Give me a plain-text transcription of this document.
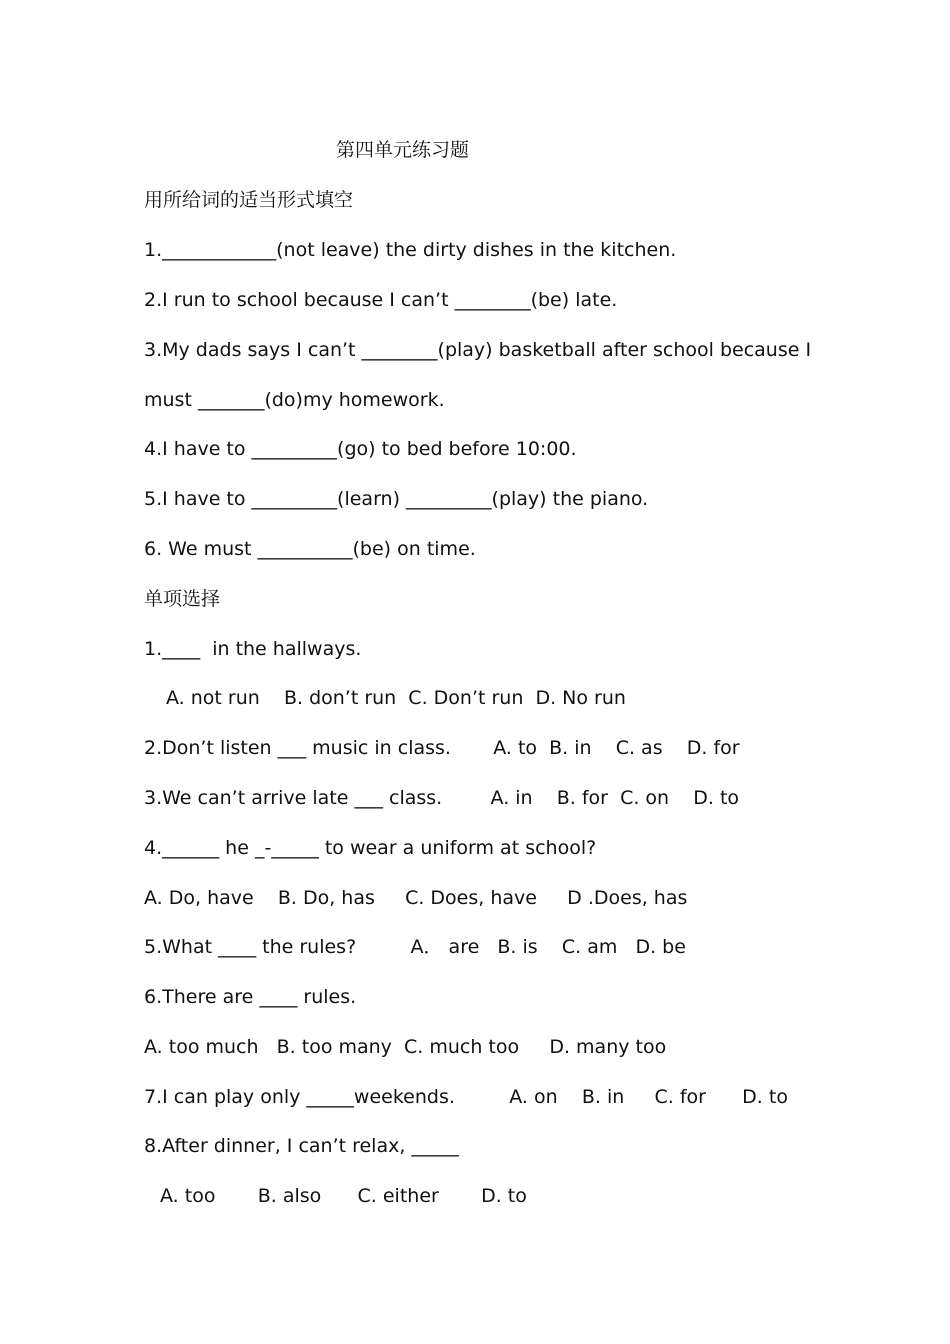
第四单元练习题
用所给词的适当形式填空
1.____________(not leave) the dirty dishes in the kitchen.
2.I run to school because I can’t ________(be) late.
3.My dads says I can’t ________(play) basketball after school because I
must _______(do)my homework.
4.I have to _________(go) to bed before 10:00.
5.I have to _________(learn) _________(play) the piano.
6. We must __________(be) on time.
单项选择
1.____  in the hallways.
A. not run    B. don’t run  C. Don’t run  D. No run
2.Don’t listen ___ music in class.       A. to  B. in    C. as    D. for
3.We can’t arrive late ___ class.        A. in    B. for  C. on    D. to
4.______ he _-_____ to wear a uniform at school?
A. Do, have    B. Do, has     C. Does, have     D .Does, has
5.What ____ the rules?         A． are   B. is    C. am   D. be
6.There are ____ rules.
A. too much   B. too many  C. much too     D. many too
7.I can play only _____weekends.         A. on    B. in     C. for      D. to
8.After dinner, I can’t relax, _____
A. too       B. also      C. either       D. to
